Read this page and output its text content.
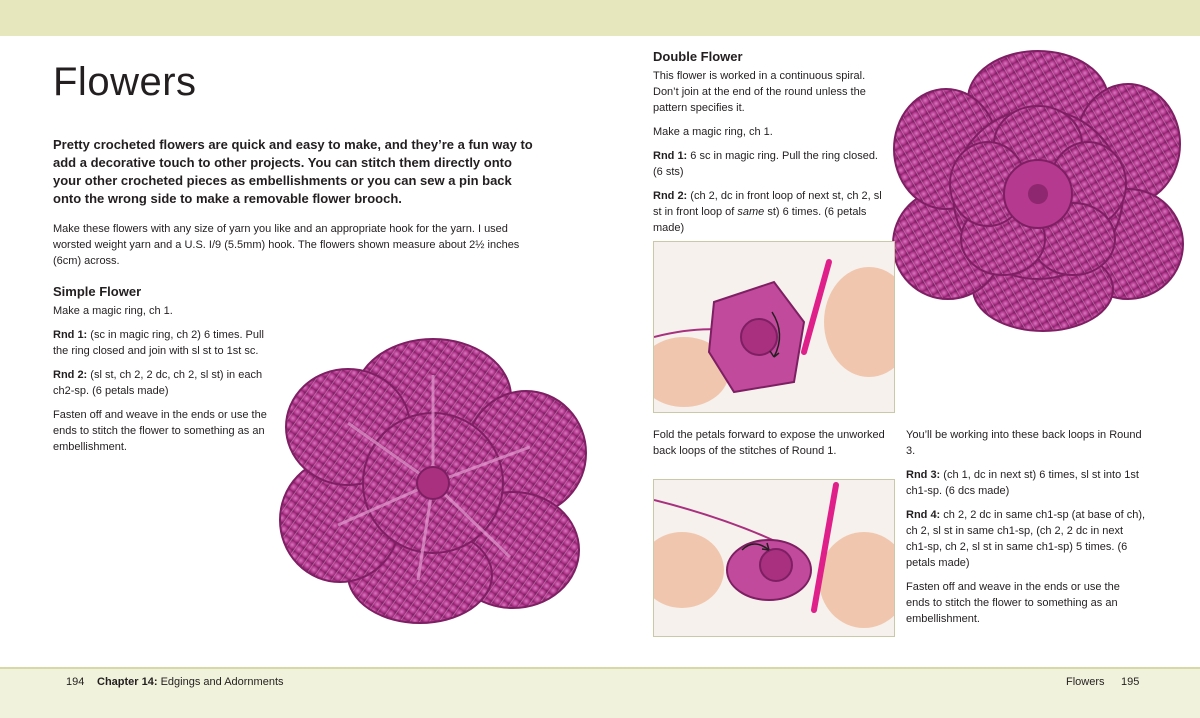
Flowers

Pretty crocheted flowers are quick and easy to make, and they’re a fun way to add a decorative touch to other projects. You can stitch them directly onto your other crocheted pieces as embellishments or you can sew a pin back onto the wrong side to make a removable flower brooch.

Make these flowers with any size of yarn you like and an appropriate hook for the yarn. I used worsted weight yarn and a U.S. I/9 (5.5mm) hook. The flowers shown measure about 2½ inches (6cm) across.

Simple Flower

Make a magic ring, ch 1.

Rnd 1: (sc in magic ring, ch 2) 6 times. Pull the ring closed and join with sl st to 1st sc.

Rnd 2: (sl st, ch 2, 2 dc, ch 2, sl st) in each ch2-sp. (6 petals made)

Fasten off and weave in the ends or use the ends to stitch the flower to something as an embellishment.

Double Flower

This flower is worked in a continuous spiral. Don’t join at the end of the round unless the pattern specifies it.

Make a magic ring, ch 1.

Rnd 1: 6 sc in magic ring. Pull the ring closed. (6 sts)

Rnd 2: (ch 2, dc in front loop of next st, ch 2, sl st in front loop of same st) 6 times. (6 petals made)

Fold the petals forward to expose the unworked back loops of the stitches of Round 1.

You’ll be working into these back loops in Round 3.

Rnd 3: (ch 1, dc in next st) 6 times, sl st into 1st ch1-sp. (6 dcs made)

Rnd 4: ch 2, 2 dc in same ch1-sp (at base of ch), ch 2, sl st in same ch1-sp, (ch 2, 2 dc in next ch1-sp, ch 2, sl st in same ch1-sp) 5 times. (6 petals made)

Fasten off and weave in the ends or use the ends to stitch the flower to something as an embellishment.

194 Chapter 14: Edgings and Adornments	Flowers 195
